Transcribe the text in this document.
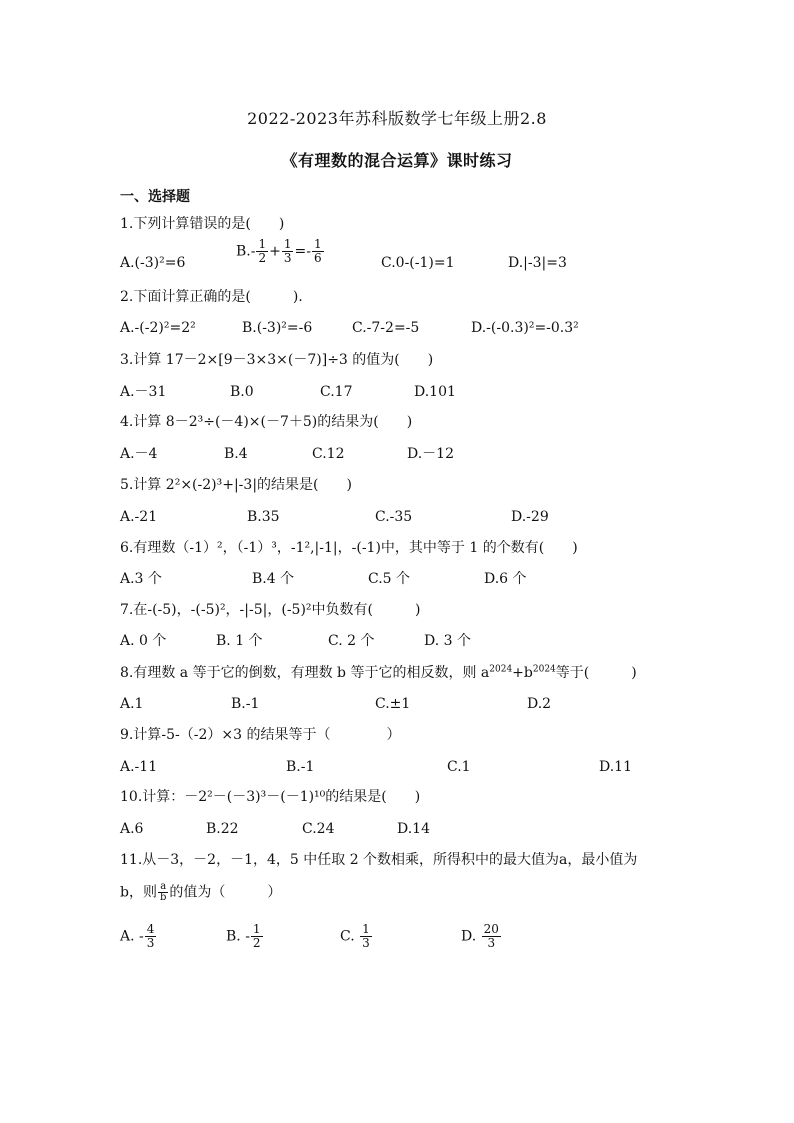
2022-2023年苏科版数学七年级上册2.8
《有理数的混合运算》课时练习
一、选择题
1.下列计算错误的是(　　)
A.(-3)²=6
$B.- \frac{1}{2} + \frac{1}{3} =- \frac{1}{6}$	C.0-(-1)=1	D.|-3|=3
2.下面计算正确的是(　　　).
A.-(-2)²=2²	B.(-3)²=-6	C.-7-2=-5	D.-(-0.3)²=-0.3²
3.计算 17－2×[9－3×3×(－7)]÷3 的值为(　　)
A.－31	B.0	C.17	D.101
4.计算 8－2³÷(－4)×(－7＋5)的结果为(　　)
A.－4	B.4	C.12	D.－12
5.计算 2²×(-2)³+|-3|的结果是(　　)
A.-21	B.35	C.-35	D.-29
6.有理数（-1）²，（-1）³，-1²,|-1|，-(-1)中，其中等于 1 的个数有(　　)
A.3 个	B.4 个	C.5 个	D.6 个
7.在-(-5)，-(-5)²，-|-5|，(-5)²中负数有(　　　)
A. 0 个	B. 1 个	C. 2 个	D. 3 个
8.有理数 a 等于它的倒数，有理数 b 等于它的相反数，则 $a^{2024}+b^{2024}$等于(　　　)
A.1	B.-1	C.±1	D.2
9.计算-5-（-2）×3 的结果等于（　　　　）
A.-11	B.-1	C.1	D.11
10.计算：－2²－(－3)³－(－1)¹⁰的结果是(　　)
A.6	B.22	C.24	D.14
11.从－3，－2，－1，4，5 中任取 2 个数相乘，所得积中的最大值为a，最小值为
b，则 $\frac{a}{b}$ 的值为（　　　）
A. - $\frac{4}{3}$	B. - $\frac{1}{2}$	C. $\frac{1}{3}$	D. $\frac{20}{3}$
